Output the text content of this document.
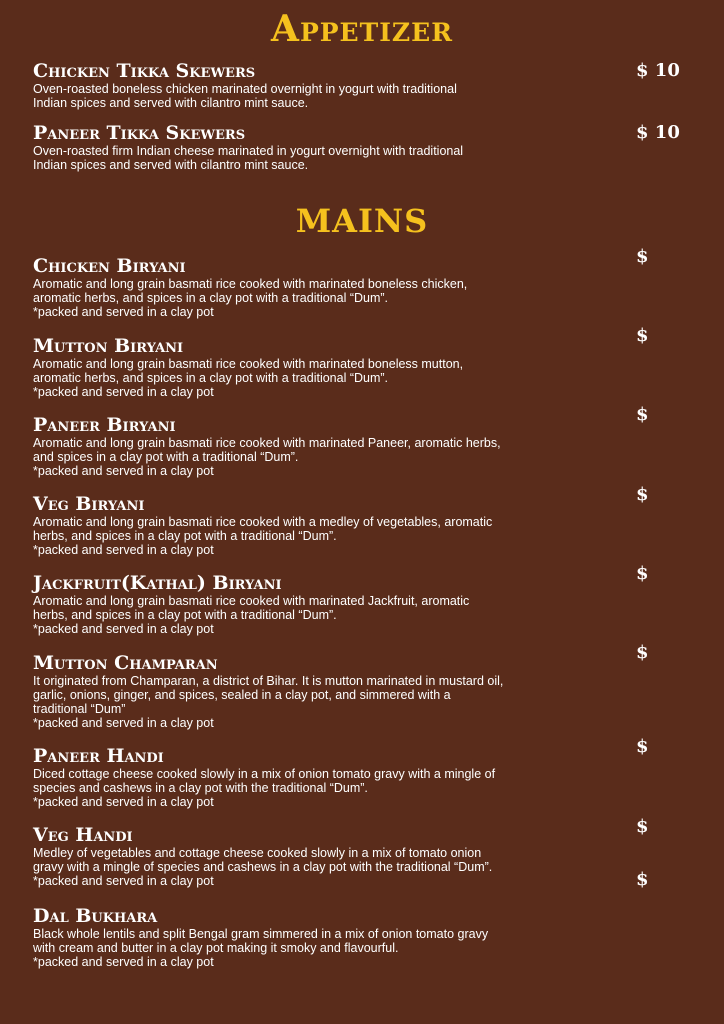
Appetizer

Chicken Tikka Skewers

Oven-roasted boneless chicken marinated overnight in yogurt with traditional
Indian spices and served with cilantro mint sauce.

$ 10

Paneer Tikka Skewers

Oven-roasted firm Indian cheese marinated in yogurt overnight with traditional
Indian spices and served with cilantro mint sauce.

$ 10
MAINS

Chicken Biryani

Aromatic and long grain basmati rice cooked with marinated boneless chicken,
aromatic herbs, and spices in a clay pot with a traditional “Dum”.
*packed and served in a clay pot

$

Mutton Biryani

Aromatic and long grain basmati rice cooked with marinated boneless mutton,
aromatic herbs, and spices in a clay pot with a traditional “Dum”.
*packed and served in a clay pot

$

Paneer Biryani

Aromatic and long grain basmati rice cooked with marinated Paneer, aromatic herbs,
and spices in a clay pot with a traditional “Dum”.
*packed and served in a clay pot

$

Veg Biryani

Aromatic and long grain basmati rice cooked with a medley of vegetables, aromatic
herbs, and spices in a clay pot with a traditional “Dum”.
*packed and served in a clay pot

$

Jackfruit(Kathal) Biryani

Aromatic and long grain basmati rice cooked with marinated Jackfruit, aromatic
herbs, and spices in a clay pot with a traditional “Dum”.
*packed and served in a clay pot

$

Mutton Champaran

It originated from Champaran, a district of Bihar. It is mutton marinated in mustard oil,
garlic, onions, ginger, and spices, sealed in a clay pot, and simmered with a
traditional “Dum”
*packed and served in a clay pot

$

Paneer Handi

Diced cottage cheese cooked slowly in a mix of onion tomato gravy with a mingle of
species and cashews in a clay pot with the traditional “Dum”.
*packed and served in a clay pot

$

Veg Handi

Medley of vegetables and cottage cheese cooked slowly in a mix of tomato onion
gravy with a mingle of species and cashews in a clay pot with the traditional “Dum”.
*packed and served in a clay pot

$

Dal Bukhara

Black whole lentils and split Bengal gram simmered in a mix of onion tomato gravy
with cream and butter in a clay pot making it smoky and flavourful.
*packed and served in a clay pot

$
